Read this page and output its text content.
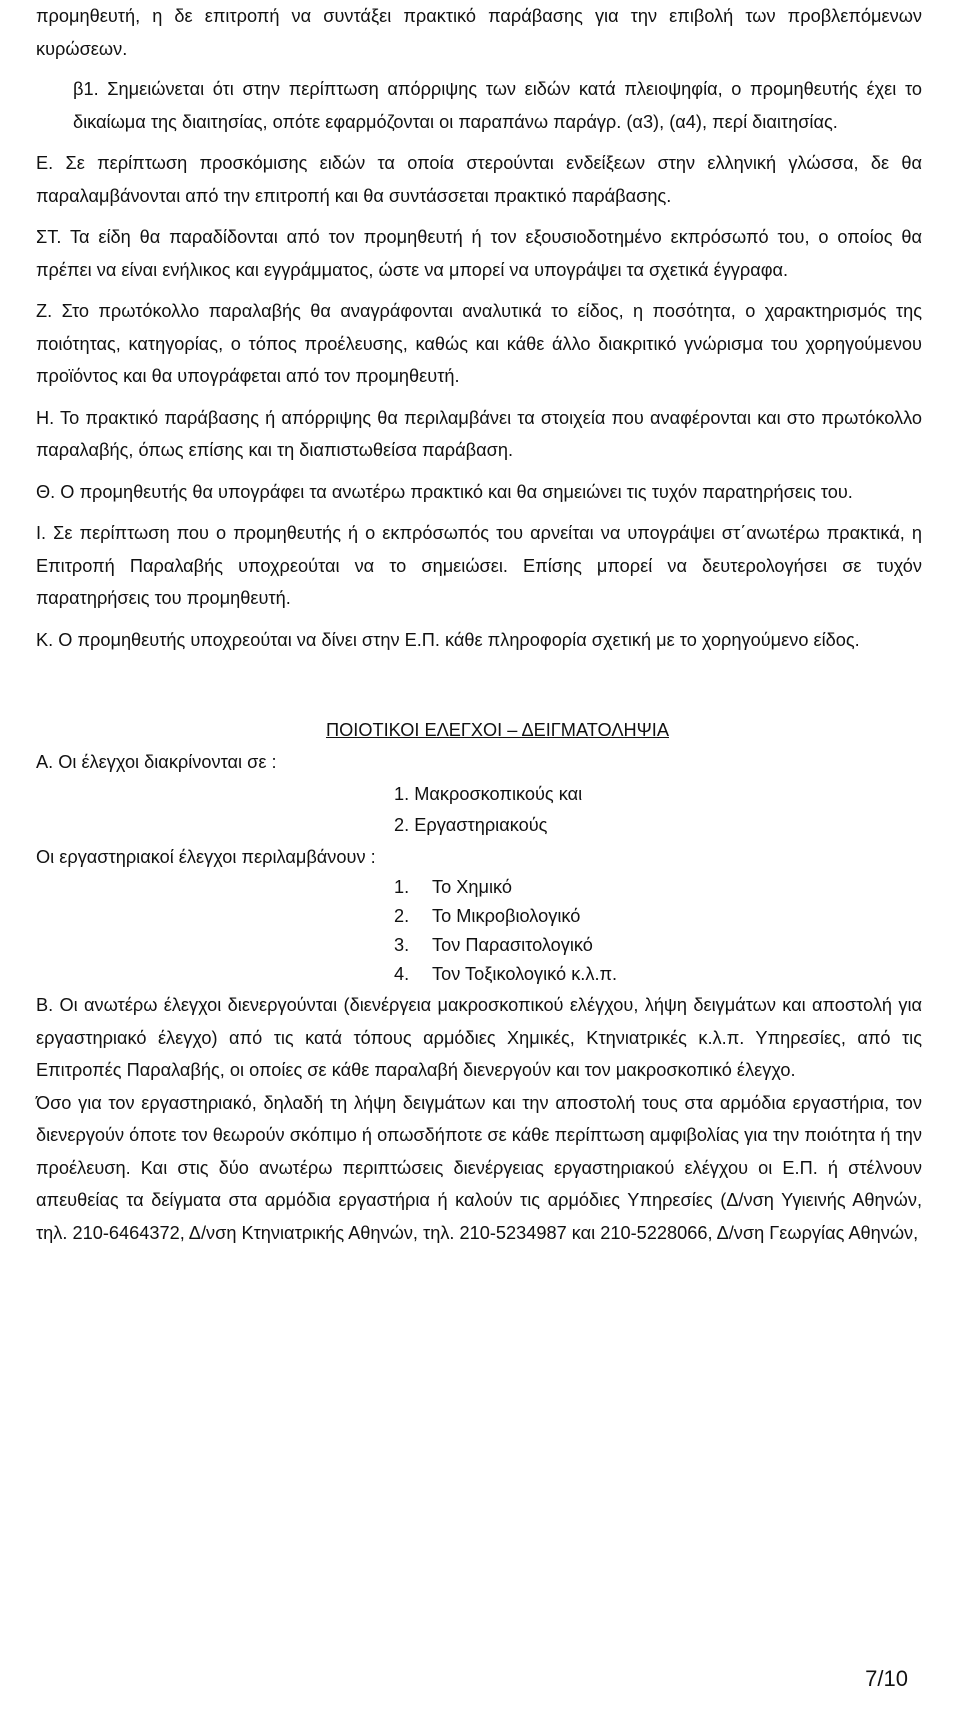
προμηθευτή, η δε επιτροπή να συντάξει πρακτικό παράβασης για την επιβολή των προβλεπόμενων κυρώσεων.

β1. Σημειώνεται ότι στην περίπτωση απόρριψης των ειδών κατά πλειοψηφία, ο προμηθευτής έχει το δικαίωμα της διαιτησίας, οπότε εφαρμόζονται οι παραπάνω παράγρ. (α3), (α4), περί διαιτησίας.

Ε. Σε περίπτωση προσκόμισης ειδών τα οποία στερούνται ενδείξεων στην ελληνική γλώσσα, δε θα παραλαμβάνονται από την επιτροπή και θα συντάσσεται πρακτικό παράβασης.

ΣΤ. Τα είδη θα παραδίδονται από τον προμηθευτή ή τον εξουσιοδοτημένο εκπρόσωπό του, ο οποίος θα πρέπει να είναι ενήλικος και εγγράμματος, ώστε να μπορεί να υπογράψει τα σχετικά έγγραφα.

Ζ. Στο πρωτόκολλο παραλαβής θα αναγράφονται αναλυτικά το είδος, η ποσότητα, ο χαρακτηρισμός της ποιότητας, κατηγορίας, ο τόπος προέλευσης, καθώς και κάθε άλλο διακριτικό γνώρισμα του χορηγούμενου προϊόντος και θα υπογράφεται από τον προμηθευτή.

Η. Το πρακτικό παράβασης ή απόρριψης θα περιλαμβάνει τα στοιχεία που αναφέρονται και στο πρωτόκολλο παραλαβής, όπως επίσης και τη διαπιστωθείσα παράβαση.

Θ. Ο προμηθευτής θα υπογράφει τα ανωτέρω πρακτικό και θα σημειώνει τις τυχόν παρατηρήσεις του.

Ι. Σε περίπτωση που ο προμηθευτής ή ο εκπρόσωπός του αρνείται να υπογράψει στ΄ανωτέρω πρακτικά, η Επιτροπή Παραλαβής υποχρεούται να το σημειώσει. Επίσης μπορεί να δευτερολογήσει σε τυχόν παρατηρήσεις του προμηθευτή.

Κ. Ο προμηθευτής υποχρεούται να δίνει στην Ε.Π. κάθε πληροφορία σχετική με το χορηγούμενο είδος.

ΠΟΙΟΤΙΚΟΙ ΕΛΕΓΧΟΙ – ΔΕΙΓΜΑΤΟΛΗΨΙΑ

Α. Οι έλεγχοι διακρίνονται σε :

1. Μακροσκοπικούς και
2. Εργαστηριακούς

Οι εργαστηριακοί έλεγχοι περιλαμβάνουν :

1.	Το Χημικό
2.	Το Μικροβιολογικό
3.	Τον Παρασιτολογικό
4.	Τον Τοξικολογικό κ.λ.π.

Β. Οι ανωτέρω έλεγχοι διενεργούνται (διενέργεια μακροσκοπικού ελέγχου, λήψη δειγμάτων και αποστολή για εργαστηριακό έλεγχο) από τις κατά τόπους αρμόδιες Χημικές, Κτηνιατρικές κ.λ.π. Υπηρεσίες, από τις Επιτροπές Παραλαβής, οι οποίες σε κάθε παραλαβή διενεργούν και τον μακροσκοπικό έλεγχο.

Όσο για τον εργαστηριακό, δηλαδή τη λήψη δειγμάτων και την αποστολή τους στα αρμόδια εργαστήρια, τον διενεργούν όποτε τον θεωρούν σκόπιμο ή οπωσδήποτε σε κάθε περίπτωση αμφιβολίας για την ποιότητα ή την προέλευση. Και στις δύο ανωτέρω περιπτώσεις διενέργειας εργαστηριακού ελέγχου οι Ε.Π. ή στέλνουν απευθείας τα δείγματα στα αρμόδια εργαστήρια ή καλούν τις αρμόδιες Υπηρεσίες (Δ/νση Υγιεινής Αθηνών, τηλ. 210-6464372, Δ/νση Κτηνιατρικής Αθηνών, τηλ. 210-5234987 και 210-5228066, Δ/νση Γεωργίας Αθηνών,

7/10
